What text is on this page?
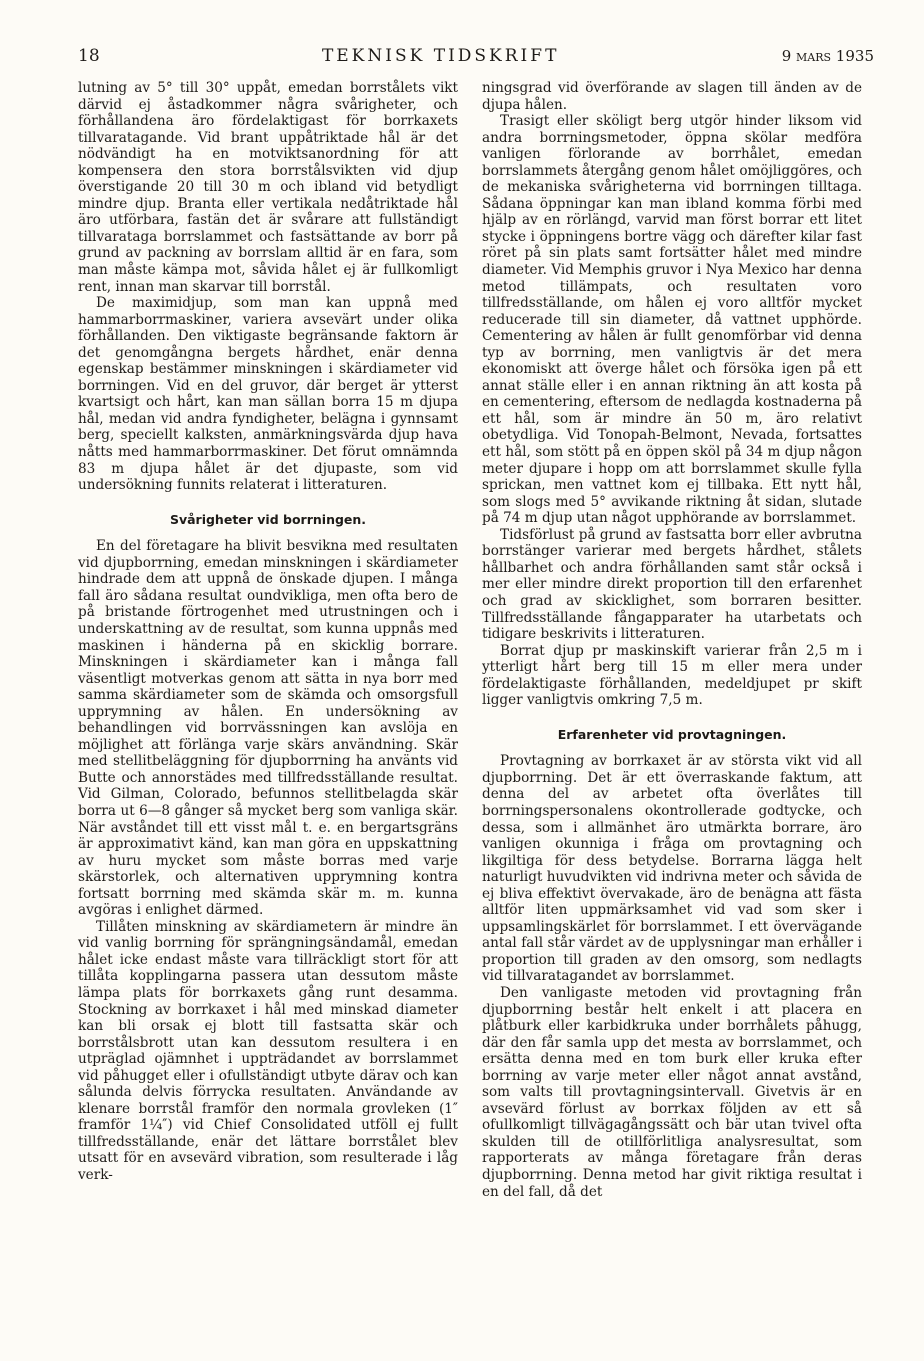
18	TEKNISK TIDSKRIFT	9 mars 1935

lutning av 5° till 30° uppåt, emedan borrstålets vikt därvid ej åstadkommer några svårigheter, och förhållandena äro fördelaktigast för borrkaxets tillvaratagande. Vid brant uppåtriktade hål är det nödvändigt ha en motviktsanordning för att kompensera den stora borrstålsvikten vid djup överstigande 20 till 30 m och ibland vid betydligt mindre djup. Branta eller vertikala nedåtriktade hål äro utförbara, fastän det är svårare att fullständigt tillvarataga borrslammet och fastsättande av borr på grund av packning av borrslam alltid är en fara, som man måste kämpa mot, såvida hålet ej är fullkomligt rent, innan man skarvar till borrstål.

De maximidjup, som man kan uppnå med hammarborrmaskiner, variera avsevärt under olika förhållanden. Den viktigaste begränsande faktorn är det genomgångna bergets hårdhet, enär denna egenskap bestämmer minskningen i skärdiameter vid borrningen. Vid en del gruvor, där berget är ytterst kvartsigt och hårt, kan man sällan borra 15 m djupa hål, medan vid andra fyndigheter, belägna i gynnsamt berg, speciellt kalksten, anmärkningsvärda djup hava nåtts med hammarborrmaskiner. Det förut omnämnda 83 m djupa hålet är det djupaste, som vid undersökning funnits relaterat i litteraturen.

Svårigheter vid borrningen.

En del företagare ha blivit besvikna med resultaten vid djupborrning, emedan minskningen i skärdiameter hindrade dem att uppnå de önskade djupen. I många fall äro sådana resultat oundvikliga, men ofta bero de på bristande förtrogenhet med utrustningen och i underskattning av de resultat, som kunna uppnås med maskinen i händerna på en skicklig borrare. Minskningen i skärdiameter kan i många fall väsentligt motverkas genom att sätta in nya borr med samma skärdiameter som de skämda och omsorgsfull upprymning av hålen. En undersökning av behandlingen vid borrvässningen kan avslöja en möjlighet att förlänga varje skärs användning. Skär med stellitbeläggning för djupborrning ha använts vid Butte och annorstädes med tillfredsställande resultat. Vid Gilman, Colorado, befunnos stellitbelagda skär borra ut 6—8 gånger så mycket berg som vanliga skär. När avståndet till ett visst mål t. e. en bergartsgräns är approximativt känd, kan man göra en uppskattning av huru mycket som måste borras med varje skärstorlek, och alternativen upprymning kontra fortsatt borrning med skämda skär m. m. kunna avgöras i enlighet därmed.

Tillåten minskning av skärdiametern är mindre än vid vanlig borrning för sprängningsändamål, emedan hålet icke endast måste vara tillräckligt stort för att tillåta kopplingarna passera utan dessutom måste lämpa plats för borrkaxets gång runt desamma. Stockning av borrkaxet i hål med minskad diameter kan bli orsak ej blott till fastsatta skär och borrstålsbrott utan kan dessutom resultera i en utpräglad ojämnhet i uppträdandet av borrslammet vid påhugget eller i ofullständigt utbyte därav och kan sålunda delvis förrycka resultaten. Användande av klenare borrstål framför den normala grovleken (1″ framför 1¼″) vid Chief Consolidated utföll ej fullt tillfredsställande, enär det lättare borrstålet blev utsatt för en avsevärd vibration, som resulterade i låg verk-

ningsgrad vid överförande av slagen till änden av de djupa hålen.

Trasigt eller sköligt berg utgör hinder liksom vid andra borrningsmetoder, öppna skölar medföra vanligen förlorande av borrhålet, emedan borrslammets återgång genom hålet omöjliggöres, och de mekaniska svårigheterna vid borrningen tilltaga. Sådana öppningar kan man ibland komma förbi med hjälp av en rörlängd, varvid man först borrar ett litet stycke i öppningens bortre vägg och därefter kilar fast röret på sin plats samt fortsätter hålet med mindre diameter. Vid Memphis gruvor i Nya Mexico har denna metod tillämpats, och resultaten voro tillfredsställande, om hålen ej voro alltför mycket reducerade till sin diameter, då vattnet upphörde. Cementering av hålen är fullt genomförbar vid denna typ av borrning, men vanligtvis är det mera ekonomiskt att överge hålet och försöka igen på ett annat ställe eller i en annan riktning än att kosta på en cementering, eftersom de nedlagda kostnaderna på ett hål, som är mindre än 50 m, äro relativt obetydliga. Vid Tonopah-Belmont, Nevada, fortsattes ett hål, som stött på en öppen sköl på 34 m djup någon meter djupare i hopp om att borrslammet skulle fylla sprickan, men vattnet kom ej tillbaka. Ett nytt hål, som slogs med 5° avvikande riktning åt sidan, slutade på 74 m djup utan något upphörande av borrslammet.

Tidsförlust på grund av fastsatta borr eller avbrutna borrstänger varierar med bergets hårdhet, stålets hållbarhet och andra förhållanden samt står också i mer eller mindre direkt proportion till den erfarenhet och grad av skicklighet, som borraren besitter. Tillfredsställande fångapparater ha utarbetats och tidigare beskrivits i litteraturen.

Borrat djup pr maskinskift varierar från 2,5 m i ytterligt hårt berg till 15 m eller mera under fördelaktigaste förhållanden, medeldjupet pr skift ligger vanligtvis omkring 7,5 m.

Erfarenheter vid provtagningen.

Provtagning av borrkaxet är av största vikt vid all djupborrning. Det är ett överraskande faktum, att denna del av arbetet ofta överlåtes till borrningspersonalens okontrollerade godtycke, och dessa, som i allmänhet äro utmärkta borrare, äro vanligen okunniga i fråga om provtagning och likgiltiga för dess betydelse. Borrarna lägga helt naturligt huvudvikten vid indrivna meter och såvida de ej bliva effektivt övervakade, äro de benägna att fästa alltför liten uppmärksamhet vid vad som sker i uppsamlingskärlet för borrslammet. I ett övervägande antal fall står värdet av de upplysningar man erhåller i proportion till graden av den omsorg, som nedlagts vid tillvaratagandet av borrslammet.

Den vanligaste metoden vid provtagning från djupborrning består helt enkelt i att placera en plåtburk eller karbidkruka under borrhålets påhugg, där den får samla upp det mesta av borrslammet, och ersätta denna med en tom burk eller kruka efter borrning av varje meter eller något annat avstånd, som valts till provtagningsintervall. Givetvis är en avsevärd förlust av borrkax följden av ett så ofullkomligt tillvägagångssätt och bär utan tvivel ofta skulden till de otillförlitliga analysresultat, som rapporterats av många företagare från deras djupborrning. Denna metod har givit riktiga resultat i en del fall, då det
